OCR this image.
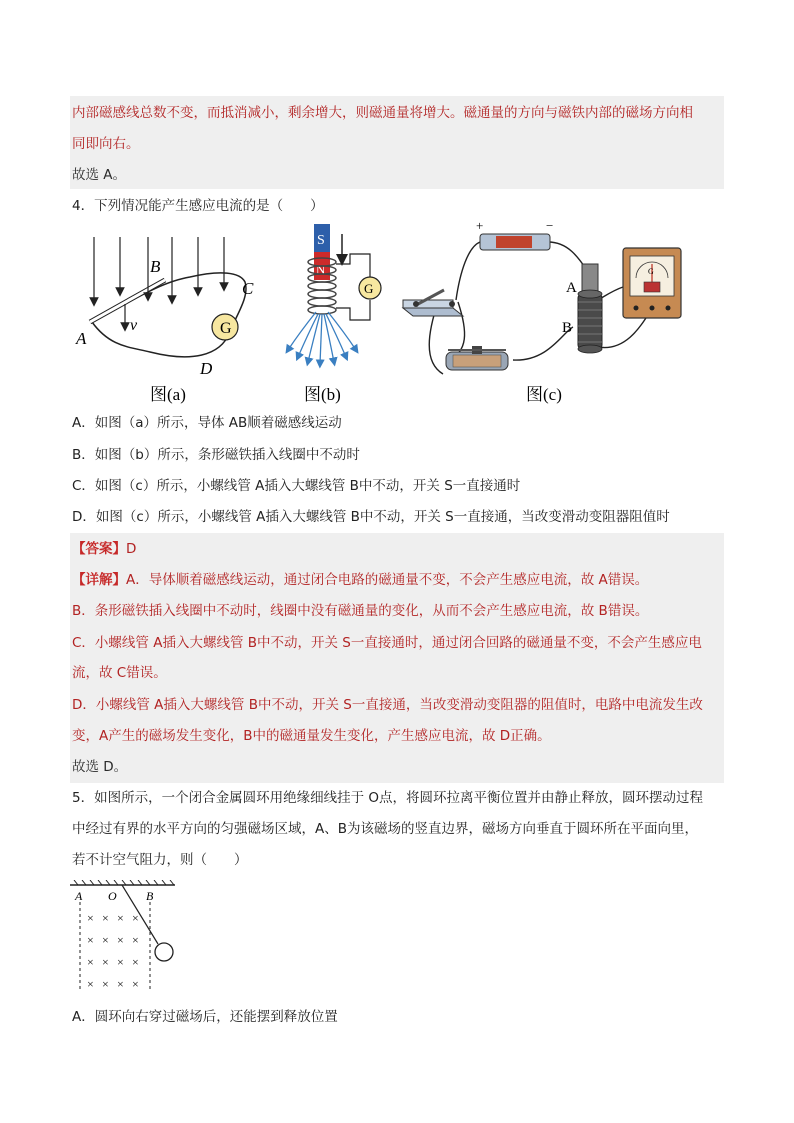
内部磁感线总数不变，而抵消减小，剩余增大，则磁通量将增大。磁通量的方向与磁铁内部的磁场方向相
同即向右。
故选 A。
4．下列情况能产生感应电流的是（　　）
G
A
B
C
D
v
图(a)
S
N
G
图(b)
+	−
A
B
G
图(c)
A．如图（a）所示，导体 AB顺着磁感线运动
B．如图（b）所示，条形磁铁插入线圈中不动时
C．如图（c）所示，小螺线管 A插入大螺线管 B中不动，开关 S一直接通时
D．如图（c）所示，小螺线管 A插入大螺线管 B中不动，开关 S一直接通，当改变滑动变阻器阻值时
【答案】D
【详解】A．导体顺着磁感线运动，通过闭合电路的磁通量不变，不会产生感应电流，故 A错误。
B．条形磁铁插入线圈中不动时，线圈中没有磁通量的变化，从而不会产生感应电流，故 B错误。
C．小螺线管 A插入大螺线管 B中不动，开关 S一直接通时，通过闭合回路的磁通量不变，不会产生感应电
流，故 C错误。
D．小螺线管 A插入大螺线管 B中不动，开关 S一直接通，当改变滑动变阻器的阻值时，电路中电流发生改
变，A产生的磁场发生变化，B中的磁通量发生变化，产生感应电流，故 D正确。
故选 D。
5．如图所示，一个闭合金属圆环用绝缘细线挂于 O点，将圆环拉离平衡位置并由静止释放，圆环摆动过程
中经过有界的水平方向的匀强磁场区域，A、B为该磁场的竖直边界，磁场方向垂直于圆环所在平面向里，
若不计空气阻力，则（　　）
A O B
× × × ×
× × × ×
× × × ×
× × × ×
A．圆环向右穿过磁场后，还能摆到释放位置
